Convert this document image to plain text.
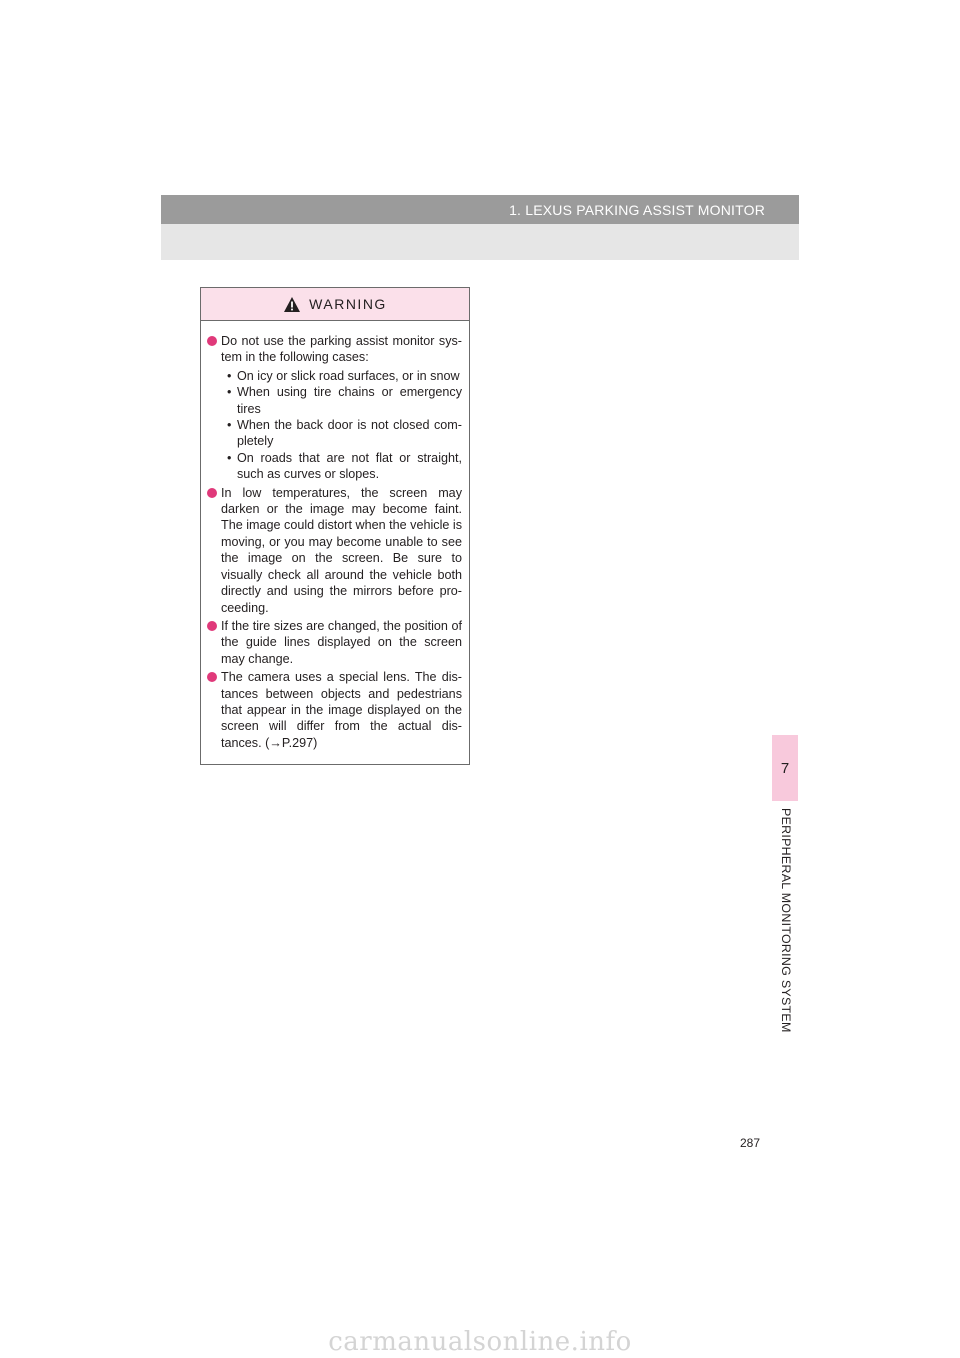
1. LEXUS PARKING ASSIST MONITOR
WARNING
Do not use the parking assist monitor sys-tem in the following cases:
• On icy or slick road surfaces, or in snow
• When using tire chains or emergency tires
• When the back door is not closed com-pletely
• On roads that are not flat or straight, such as curves or slopes.
In low temperatures, the screen may darken or the image may become faint. The image could distort when the vehicle is moving, or you may become unable to see the image on the screen. Be sure to visually check all around the vehicle both directly and using the mirrors before pro-ceeding.
If the tire sizes are changed, the position of the guide lines displayed on the screen may change.
The camera uses a special lens. The dis-tances between objects and pedestrians that appear in the image displayed on the screen will differ from the actual dis-tances. (→P.297)
7
PERIPHERAL MONITORING SYSTEM
287
carmanualsonline.info
